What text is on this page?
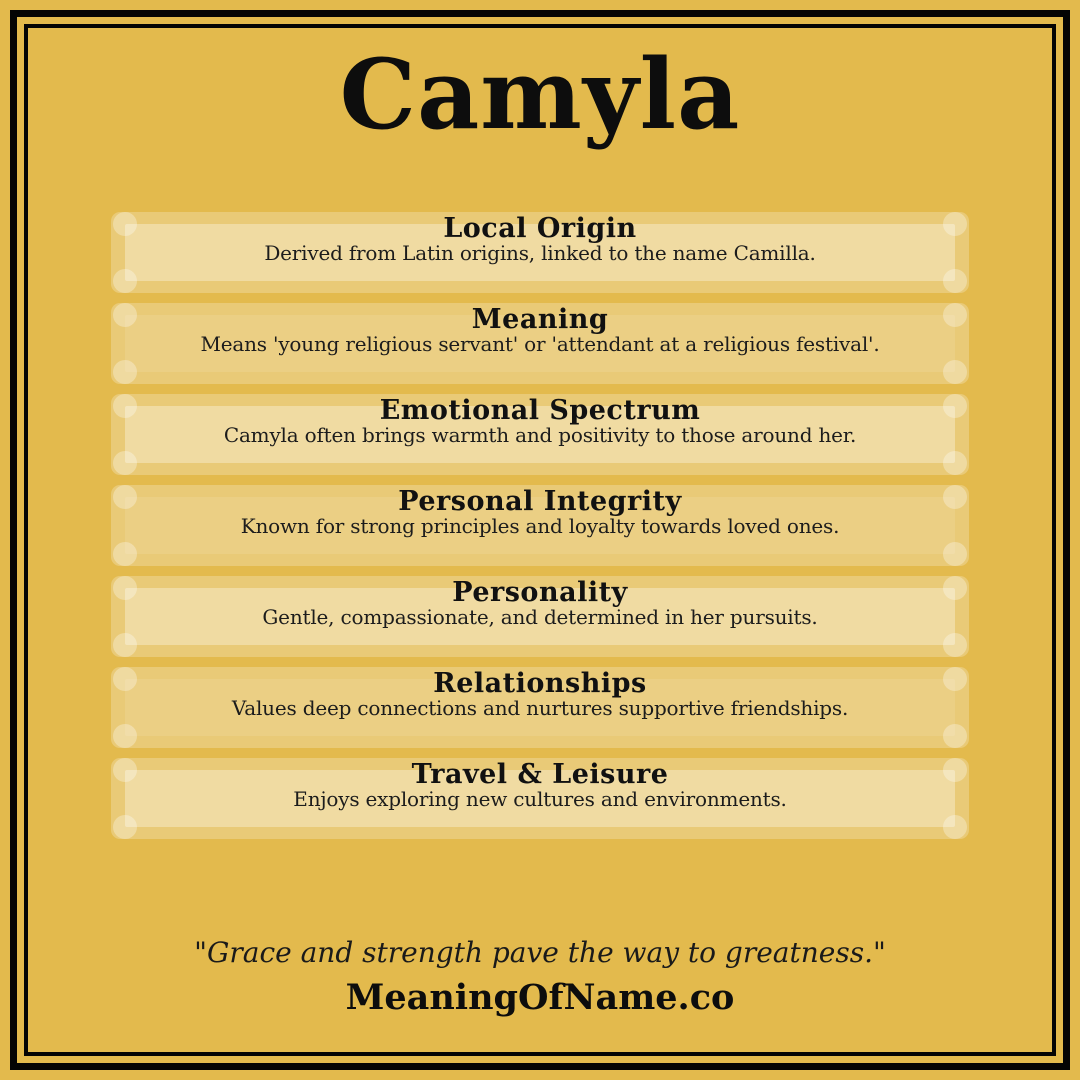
Camyla
Local Origin

Derived from Latin origins, linked to the name Camilla.

Meaning

Means 'young religious servant' or 'attendant at a religious festival'.

Emotional Spectrum

Camyla often brings warmth and positivity to those around her.

Personal Integrity

Known for strong principles and loyalty towards loved ones.

Personality

Gentle, compassionate, and determined in her pursuits.

Relationships

Values deep connections and nurtures supportive friendships.

Travel & Leisure

Enjoys exploring new cultures and environments.

"Grace and strength pave the way to greatness."
MeaningOfName.co
